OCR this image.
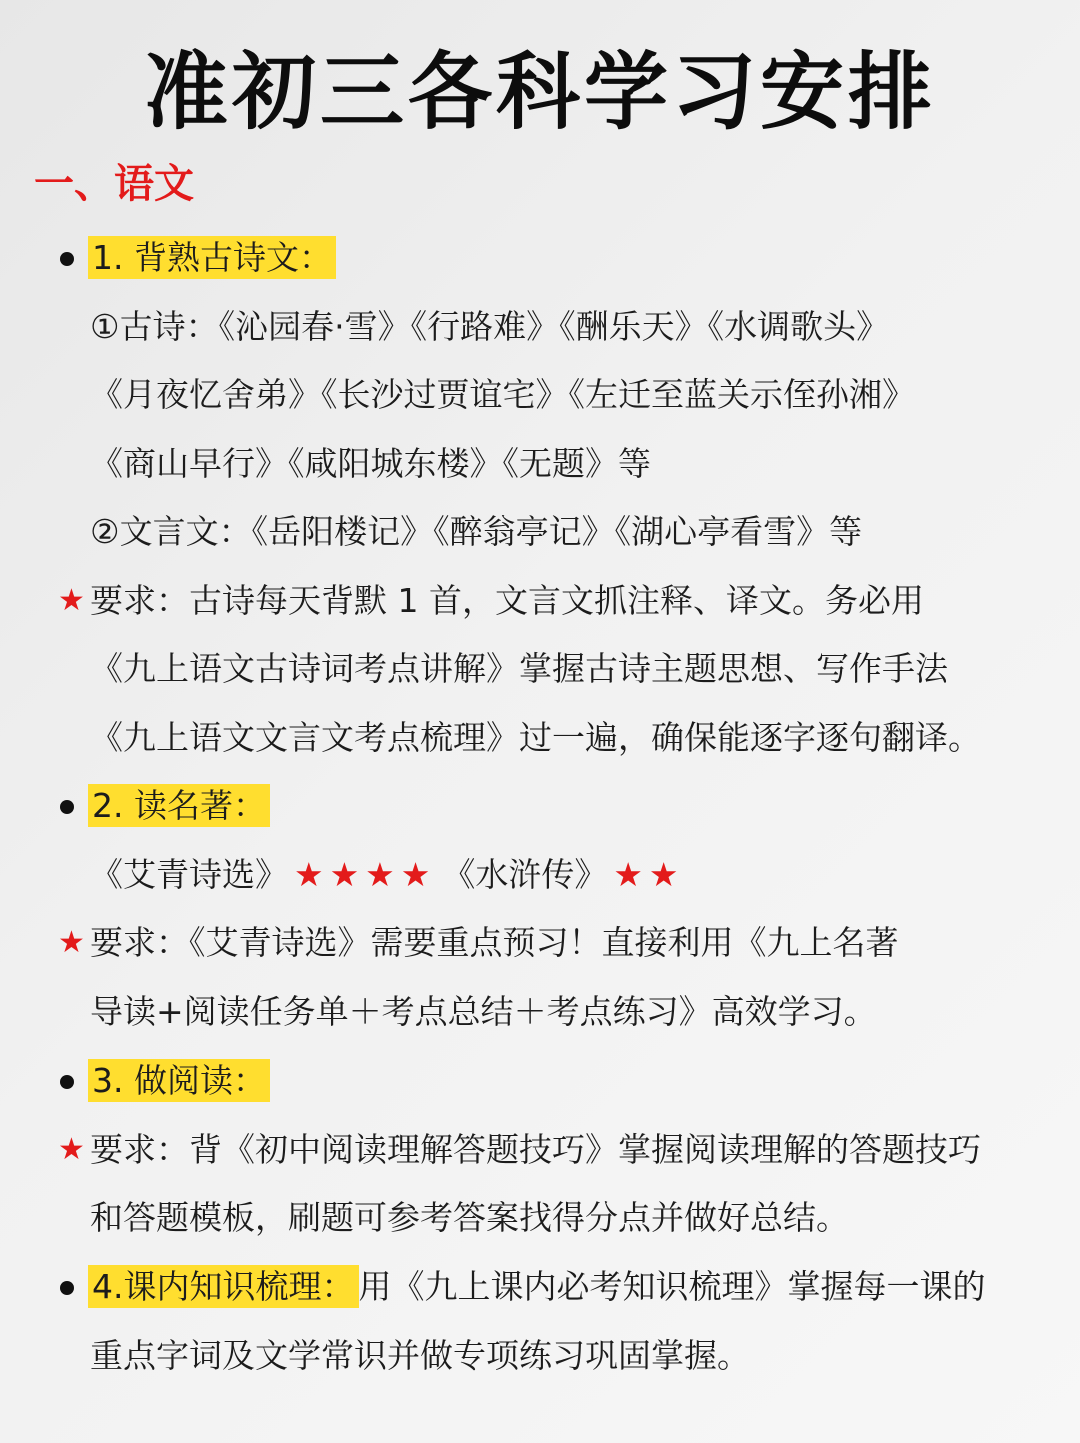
准初三各科学习安排
一、语文
1. 背熟古诗文：
①古诗：《沁园春·雪》《行路难》《酬乐天》《水调歌头》
《月夜忆舍弟》《长沙过贾谊宅》《左迁至蓝关示侄孙湘》
《商山早行》《咸阳城东楼》《无题》等
②文言文：《岳阳楼记》《醉翁亭记》《湖心亭看雪》等
★ 要求：古诗每天背默 1 首，文言文抓注释、译文。务必用
《九上语文古诗词考点讲解》掌握古诗主题思想、写作手法
《九上语文文言文考点梳理》过一遍，确保能逐字逐句翻译。
2. 读名著：
《艾青诗选》 ★★★★ 《水浒传》 ★★
★ 要求：《艾青诗选》需要重点预习！直接利用《九上名著
导读+阅读任务单＋考点总结＋考点练习》高效学习。
3. 做阅读：
★ 要求：背《初中阅读理解答题技巧》掌握阅读理解的答题技巧
和答题模板，刷题可参考答案找得分点并做好总结。
4.课内知识梳理： 用《九上课内必考知识梳理》掌握每一课的
重点字词及文学常识并做专项练习巩固掌握。
